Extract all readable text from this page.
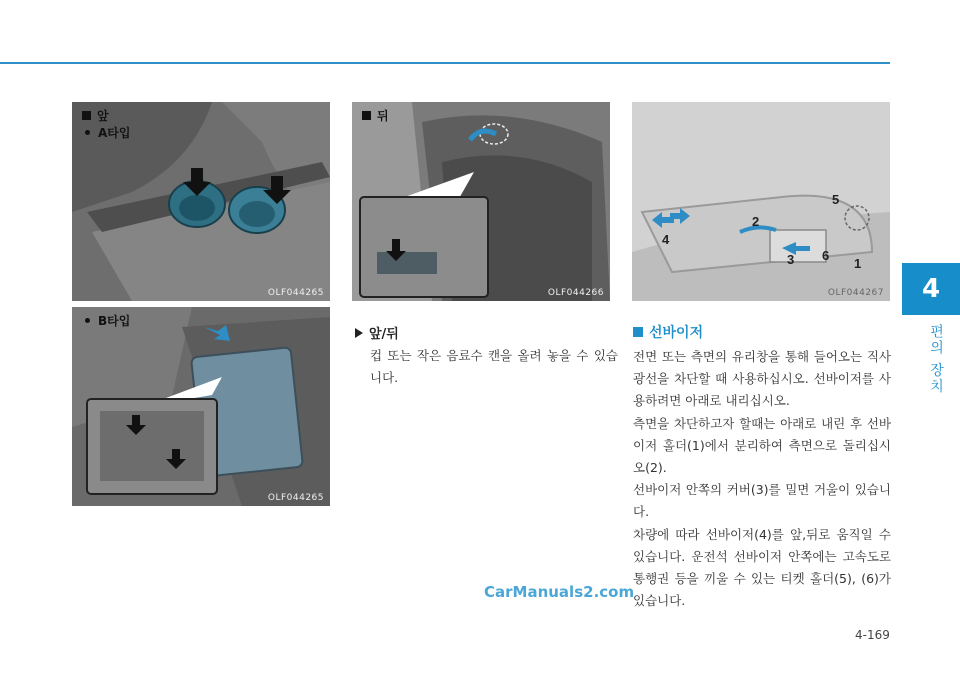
4
편의 장치
앞
A타입
OLF044265
B타입
OLF044265
뒤
OLF044266
5
2
4
3 6
1
OLF044267
앞/뒤
컵 또는 작은 음료수 캔을 올려 놓을 수 있습니다.
선바이저

전면 또는 측면의 유리창을 통해 들어오는 직사광선을 차단할 때 사용하십시오. 선바이저를 사용하려면 아래로 내리십시오.

측면을 차단하고자 할때는 아래로 내린 후 선바이저 홀더(1)에서 분리하여 측면으로 돌리십시오(2).

선바이저 안쪽의 커버(3)를 밀면 거울이 있습니다.

차량에 따라 선바이저(4)를 앞,뒤로 움직일 수 있습니다. 운전석 선바이저 안쪽에는 고속도로 통행권 등을 끼울 수 있는 티켓 홀더(5), (6)가 있습니다.

CarManuals2.com
4-169
